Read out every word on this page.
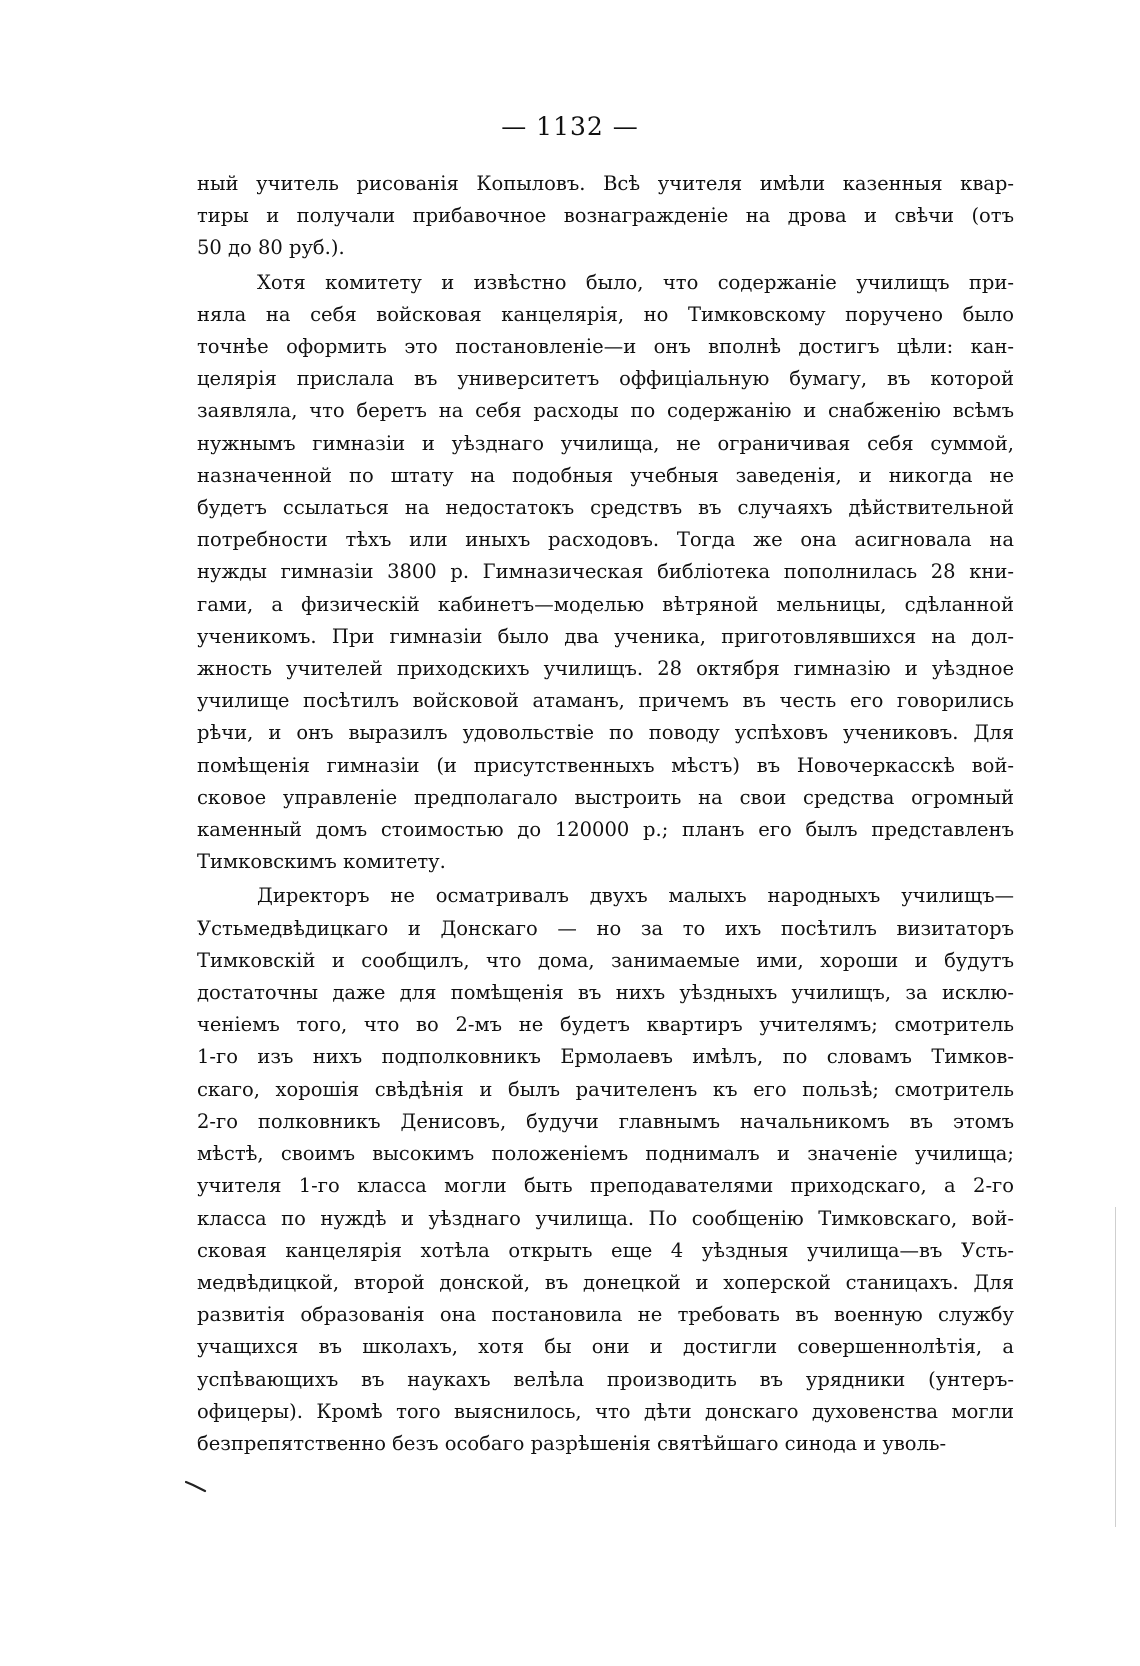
— 1132 —
ный учитель рисованія Копыловъ. Всѣ учителя имѣли казенныя квар-
тиры и получали прибавочное вознагражденіе на дрова и свѣчи (отъ
50 до 80 руб.).
Хотя комитету и извѣстно было, что содержаніе училищъ при-
няла на себя войсковая канцелярія, но Тимковскому поручено было
точнѣе оформить это постановленіе—и онъ вполнѣ достигъ цѣли: кан-
целярія прислала въ университетъ оффиціальную бумагу, въ которой
заявляла, что беретъ на себя расходы по содержанію и снабженію всѣмъ
нужнымъ гимназіи и уѣзднаго училища, не ограничивая себя суммой,
назначенной по штату на подобныя учебныя заведенія, и никогда не
будетъ ссылаться на недостатокъ средствъ въ случаяхъ дѣйствительной
потребности тѣхъ или иныхъ расходовъ. Тогда же она асигновала на
нужды гимназіи 3800 р. Гимназическая библіотека пополнилась 28 кни-
гами, а физическій кабинетъ—моделью вѣтряной мельницы, сдѣланной
ученикомъ. При гимназіи было два ученика, приготовлявшихся на дол-
жность учителей приходскихъ училищъ. 28 октября гимназію и уѣздное
училище посѣтилъ войсковой атаманъ, причемъ въ честь его говорились
рѣчи, и онъ выразилъ удовольствіе по поводу успѣховъ учениковъ. Для
помѣщенія гимназіи (и присутственныхъ мѣстъ) въ Новочеркасскѣ вой-
сковое управленіе предполагало выстроить на свои средства огромный
каменный домъ стоимостью до 120000 р.; планъ его былъ представленъ
Тимковскимъ комитету.
Директоръ не осматривалъ двухъ малыхъ народныхъ училищъ—
Устьмедвѣдицкаго и Донскаго — но за то ихъ посѣтилъ визитаторъ
Тимковскій и сообщилъ, что дома, занимаемые ими, хороши и будутъ
достаточны даже для помѣщенія въ нихъ уѣздныхъ училищъ, за исклю-
ченіемъ того, что во 2-мъ не будетъ квартиръ учителямъ; смотритель
1-го изъ нихъ подполковникъ Ермолаевъ имѣлъ, по словамъ Тимков-
скаго, хорошія свѣдѣнія и былъ рачителенъ къ его пользѣ; смотритель
2-го полковникъ Денисовъ, будучи главнымъ начальникомъ въ этомъ
мѣстѣ, своимъ высокимъ положеніемъ поднималъ и значеніе училища;
учителя 1-го класса могли быть преподавателями приходскаго, а 2-го
класса по нуждѣ и уѣзднаго училища. По сообщенію Тимковскаго, вой-
сковая канцелярія хотѣла открыть еще 4 уѣздныя училища—въ Усть-
медвѣдицкой, второй донской, въ донецкой и хоперской станицахъ. Для
развитія образованія она постановила не требовать въ военную службу
учащихся въ школахъ, хотя бы они и достигли совершеннолѣтія, а
успѣвающихъ въ наукахъ велѣла производить въ урядники (унтеръ-
офицеры). Кромѣ того выяснилось, что дѣти донскаго духовенства могли
безпрепятственно безъ особаго разрѣшенія святѣйшаго синода и уволь-
